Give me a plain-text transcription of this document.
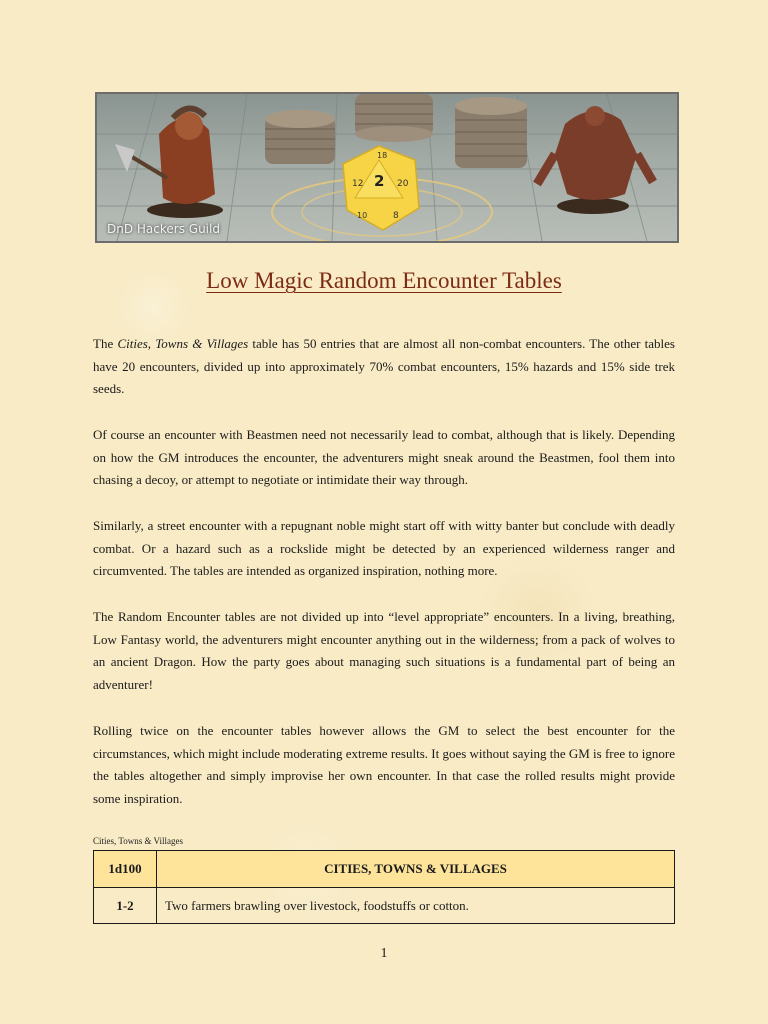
18
2
12	20
10	8
DnD Hackers Guild
Low Magic Random Encounter Tables

The Cities, Towns & Villages table has 50 entries that are almost all non-combat encounters. The other tables have 20 encounters, divided up into approximately 70% combat encounters, 15% hazards and 15% side trek seeds.

Of course an encounter with Beastmen need not necessarily lead to combat, although that is likely. Depending on how the GM introduces the encounter, the adventurers might sneak around the Beastmen, fool them into chasing a decoy, or attempt to negotiate or intimidate their way through.

Similarly, a street encounter with a repugnant noble might start off with witty banter but conclude with deadly combat. Or a hazard such as a rockslide might be detected by an experienced wilderness ranger and circumvented. The tables are intended as organized inspiration, nothing more.

The Random Encounter tables are not divided up into “level appropriate” encounters. In a living, breathing, Low Fantasy world, the adventurers might encounter anything out in the wilderness; from a pack of wolves to an ancient Dragon. How the party goes about managing such situations is a fundamental part of being an adventurer!

Rolling twice on the encounter tables however allows the GM to select the best encounter for the circumstances, which might include moderating extreme results. It goes without saying the GM is free to ignore the tables altogether and simply improvise her own encounter. In that case the rolled results might provide some inspiration.

Cities, Towns & Villages
1d100	CITIES, TOWNS & VILLAGES
1-2	Two farmers brawling over livestock, foodstuffs or cotton.
1
